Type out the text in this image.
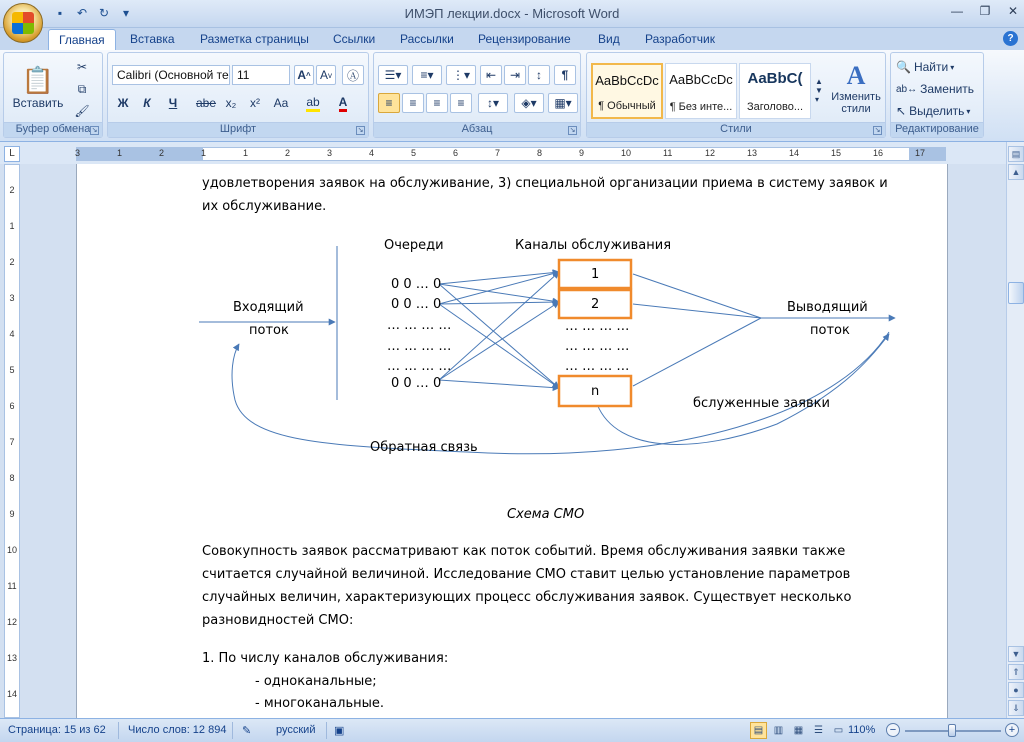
▪	↶ ↻	▾	ИМЭП лекции.docx - Microsoft Word	— ❐ ✕
Главная	Вставка Разметка страницы Ссылки Рассылки Рецензирование Вид Разработчик	?
📋
Вставить
✂
⧉
🖌
Буфер обмена ↘
Calibri (Основной те 11	A ^ A v	Ⓐ
Ж	К	Ч	abe x₂	x²	Aa	ab A
Шрифт	↘
☰▾	≡▾	⋮▾	⇤	⇥	↕	¶
≡	≡	≡	≡	↕▾	◈▾	▦▾
Абзац	↘
AaBbCcDc
¶ Обычный
AaBbCcDc
¶ Без инте...
AaBbC(
Заголово...
▲
▼
▾
A
Изменить стили
Стили	↘
🔍 Найти ▾
ab↔ Заменить
↖ Выделить ▾
Редактирование
L	3	1	2	1	1	2	3	4	5	6	7	8	9	10	11	12	13	14	15	16	17
2
1
2
3
4
5
6
7
8
9
10
11
12
13
14
удовлетворения заявок на обслуживание, 3) специальной организации приема в систему заявок и
их обслуживание.
Очереди	Каналы обслуживания
Входящий
поток
Выводящий
поток
0 0 … 0
0 0 … 0
… … … …
… … … …
… … … …
0 0 … 0
1
2
n
… … … …
… … … …
… … … …
бслуженные заявки
Обратная связь
Схема СМО
Совокупность заявок рассматривают как поток событий. Время обслуживания заявки также
считается случайной величиной. Исследование СМО ставит целью установление параметров
случайных величин, характеризующих процесс обслуживания заявок. Существует несколько
разновидностей СМО:
1. По числу каналов обслуживания:
- одноканальные;
- многоканальные.
▤
▲
▼
⇑
●
⇓
Страница: 15 из 62 Число слов: 12 894 ✎ русский ▣	▤	▥	▦	☰	▭ 110%	−	+
